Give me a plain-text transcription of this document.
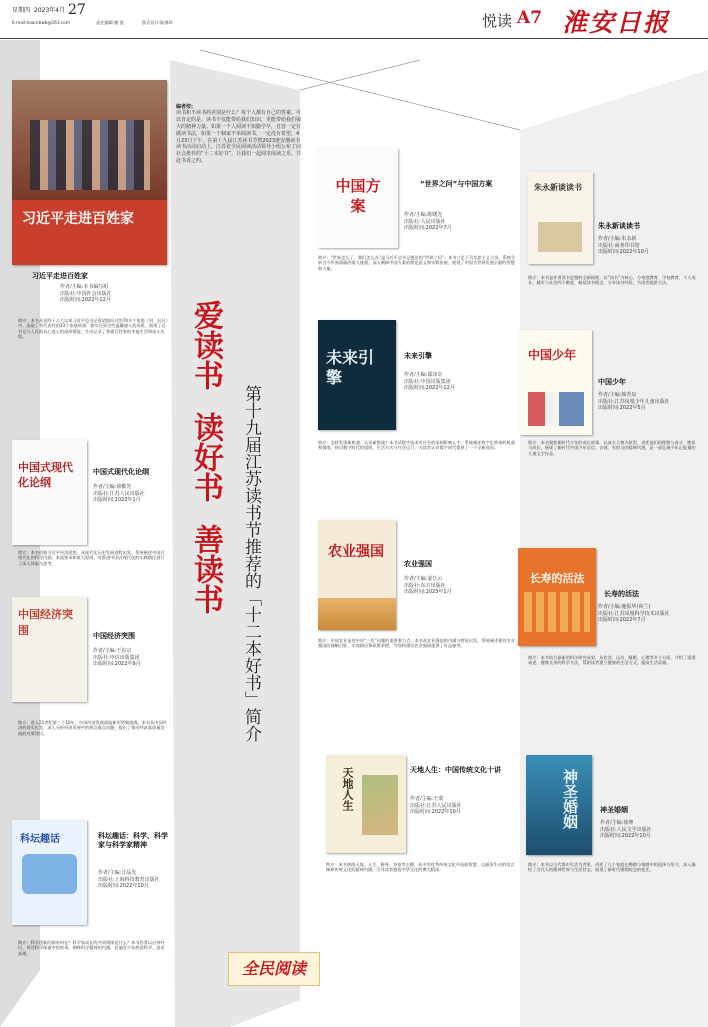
星期四 2023年4月 27
E-mail:haanrbwb@163.com	责任编辑:楷 凯	版式设计:陆海珍	悦读 A7 淮安日报
习近平走进百姓家
习近平走进百姓家
作者/主编:本书编写组
出版社:中国社会出版社
出版时间:2022年12月
简介：本书从党的十八大以来习近平总书记看望慰问过的70多个家庭（村、社区）中，选取了有代表性的33个家庭故事，如实还原这些温馨感人的场景，展现了总书记与人民群众心连心的深厚情谊，生动记录了普通百姓家的幸福生活和奋斗历程。
中国式现代化论纲
中国式现代化论纲
作者/主编:徐勤光
出版社:江苏人民出版社
出版时间:2023年1月
简介：本书依据习近平经济思想，从现代化历史发展进程出发，系统阐述中国式现代化的科学内涵、本质要求和重大原则，对推进中国式现代化的实践路径进行了深入探索与思考。
中国经济突围	中国经济突围
作者/主编:王东京
出版社:中信出版集团
出版时间:2022年9月
简介：进入21世纪第三个10年，中国经济发展面临新形势新挑战。本书从中国经济的现实出发，深入分析经济发展中的热点难点问题，提出了推动经济高质量发展的对策建议。
科坛趣话	科坛趣话：科学、科学家与科学家精神
作者/主编:汪品先
出版社:上海科技教育出版社
出版时间:2022年10月
简介：科学创新的源泉何在？科学家成长的共同规律是什么？本书作者以自身经历，讲述科学探索中的故事，阐释科学精神的内涵，启迪青少年热爱科学、追求真理。
编者按:
读书和不读书的差别是什么？每个人都有自己的答案。可以肯定的是，读书不仅能带给我们知识，更能带给我们强大的精神力量。如果一个人阅读不知勤学早，自营一定有做读书法，如果一个個家不举阅读书，一定没有希望。4月23日下午，在第十九届江苏读书节暨2023淮安潮读书读书活动启动上，江苏省全民阅读活动领导小组公布了向社会推荐的“十二本好书”。让我们一起阅享阅读之乐，共赴书香之约。
爱读书
读好书
善读书 第十九届江苏读书节推荐的「十二本好书」简介
全民阅读
中国方案
“世界之问”与中国方案
作者/主编:陈曙光
出版社:人民出版社
出版时间:2022年7月
简介：“世界怎么了、我们怎么办”是习近平总书记提出的“世界之问”。本书立足于马克思主义立场，系统分析当今世界面临的重大挑战，深入阐释中国方案的理论意义和实践价值，展现了中国为世界发展贡献的智慧和力量。
未来引擎
未来引擎
作者/主编:邱泽奇
出版社:中国出版集团
出版时间:2022年12月
简介：怎样发现新机遇、认识新挑战？本书从数字技术对社会的深刻影响入手，系统阐述数字化带来的机遇和挑战，探讨数字时代的组织、生活方式与社会运行，为读者认识数字时代提供了一个全新视角。
农业强国
农业强国
作者/主编:姜长云
出版社:东方出版社
出版时间:2023年1月
简介：中国农业是党中央“三农”问题的重要着力点。本书从农业强国的内涵与特征出发，系统阐述建设农业强国的战略目标、实现路径和政策举措，为加快建设农业强国提供了有益参考。
天地人生	天地人生：中国传统文化十讲
作者/主编:王蒙
出版社:江苏人民出版社
出版时间:2022年10月
简介：本书围绕天地、人生、修身、齐家等主题，从中华优秀传统文化中汲取智慧，以通俗生动的语言阐释传统文化的精神内涵，引导读者感悟中华文化的博大精深。
朱永新谈读书
朱永新谈读书
作者/主编:朱永新
出版社:商务印书馆
出版时间:2022年10月
简介：本书是作者读书思想的全新梳理，以“读书”为核心，分家庭教育、学校教育、个人成长、城市与社会四个维度，畅谈读书理念，分享读书经验，为读者提供方法。
中国少年
中国少年
作者/主编:韩青辰
出版社:江苏凤凰少年儿童出版社
出版时间:2022年5月
简介：本书聚焦新时代少年的成长故事，以真实人物为原型，讲述他们的理想与奋斗、挫折与成长，展现了新时代中国少年自信、自强、有担当的精神风貌，是一部弘扬少年正能量的儿童文学作品。
长寿的活法
长寿的活法
作者/主编:施振华(荷兰)
出版社:江苏凤凰科学技术出版社
出版时间:2022年7月
简介：本书结合最新的科学研究成果，从饮食、运动、睡眠、心理等多个方面，介绍了延缓衰老、健康长寿的科学方法，帮助读者建立健康的生活方式，提高生活质量。
神圣婚姻	神圣婚姻
作者/主编:徐坤
出版社:人民文学出版社
出版时间:2022年10月
简介：本书以当代都市生活为背景，讲述了几个家庭在婚姻与情感中的选择与坚守，深入描绘了当代人的精神世界与生活状态，展现了新时代婚姻观念的变迁。
